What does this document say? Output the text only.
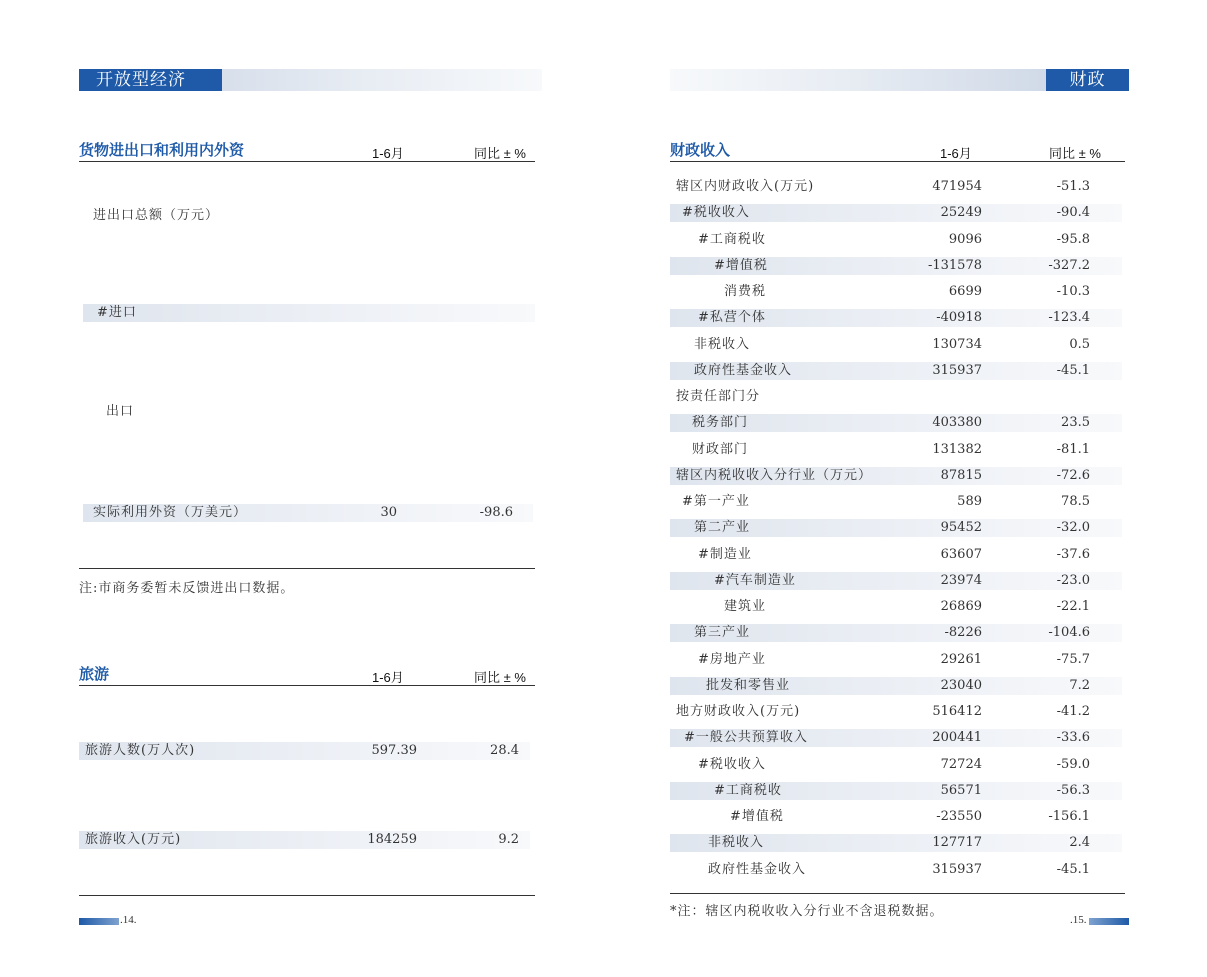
开放型经济
货物进出口和利用内外资	1-6月	同比 ± %
进出口总额（万元）
#进口
出口
实际利用外资（万美元）	30	-98.6
注:市商务委暂未反馈进出口数据。
旅游	1-6月	同比 ± %
旅游人数(万人次)	597.39	28.4
旅游收入(万元)	184259	9.2
.14.
财政
财政收入	1-6月	同比 ± %
辖区内财政收入(万元)	471954	-51.3
#税收收入	25249	-90.4
#工商税收	9096	-95.8
#增值税	-131578	-327.2
消费税	6699	-10.3
#私营个体	-40918	-123.4
非税收入	130734	0.5
政府性基金收入	315937	-45.1
按责任部门分
税务部门	403380	23.5
财政部门	131382	-81.1
辖区内税收收入分行业（万元）	87815	-72.6
#第一产业	589	78.5
第二产业	95452	-32.0
#制造业	63607	-37.6
#汽车制造业	23974	-23.0
建筑业	26869	-22.1
第三产业	-8226	-104.6
#房地产业	29261	-75.7
批发和零售业	23040	7.2
地方财政收入(万元)	516412	-41.2
#一般公共预算收入	200441	-33.6
#税收收入	72724	-59.0
#工商税收	56571	-56.3
#增值税	-23550	-156.1
非税收入	127717	2.4
政府性基金收入	315937	-45.1
*注：辖区内税收收入分行业不含退税数据。
.15.
